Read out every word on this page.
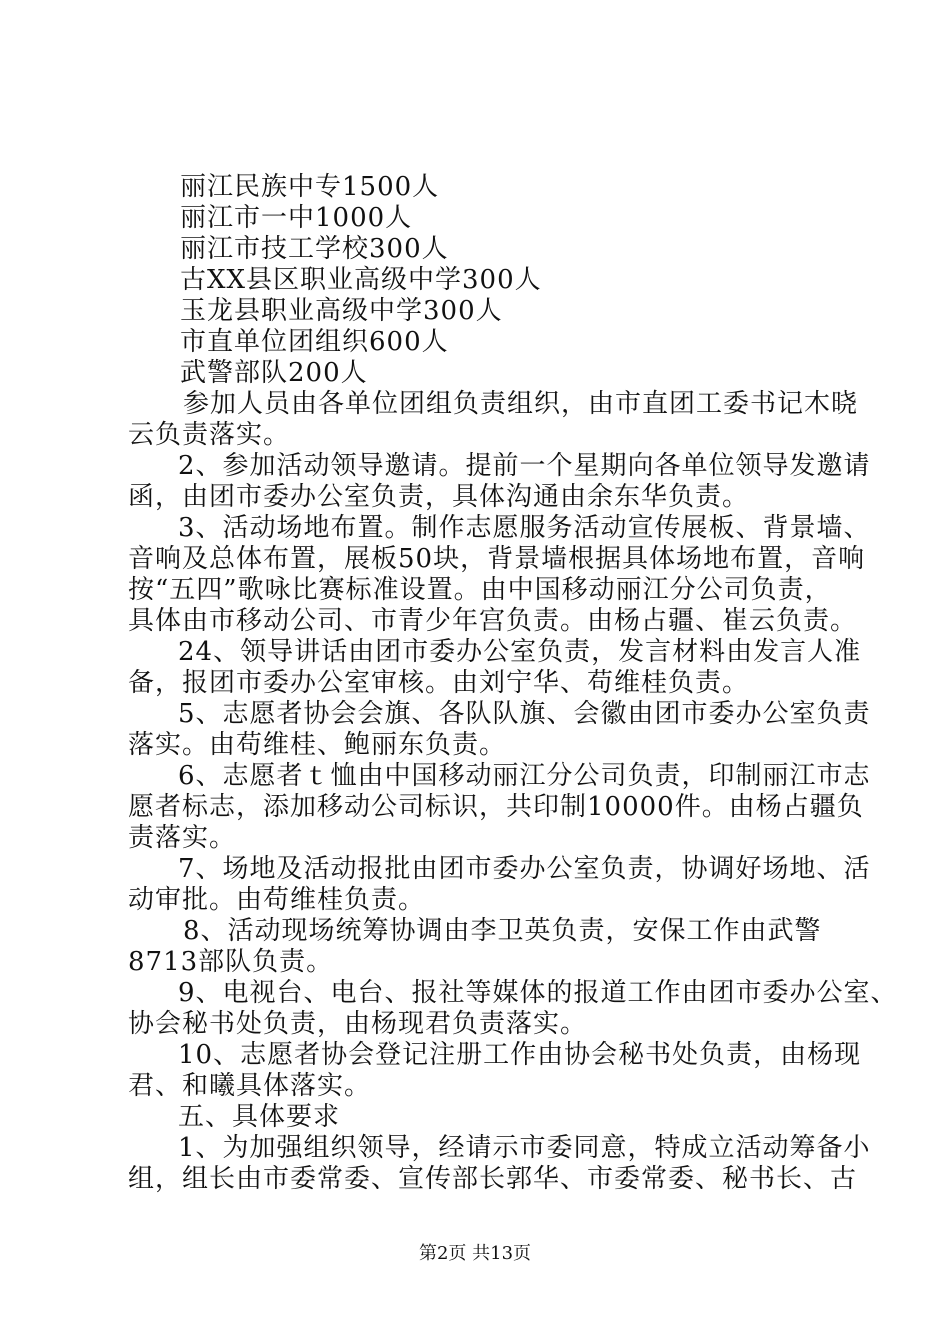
丽江民族中专1500人
丽江市一中1000人
丽江市技工学校300人
古XX县区职业高级中学300人
玉龙县职业高级中学300人
市直单位团组织600人
武警部队200人
参加人员由各单位团组负责组织，由市直团工委书记木晓
云负责落实。
2、参加活动领导邀请。提前一个星期向各单位领导发邀请
函，由团市委办公室负责，具体沟通由余东华负责。
3、活动场地布置。制作志愿服务活动宣传展板、背景墙、
音响及总体布置，展板50块，背景墙根据具体场地布置，音响
按“五四”歌咏比赛标准设置。由中国移动丽江分公司负责，
具体由市移动公司、市青少年宫负责。由杨占疆、崔云负责。
24、领导讲话由团市委办公室负责，发言材料由发言人准
备，报团市委办公室审核。由刘宁华、苟维桂负责。
5、志愿者协会会旗、各队队旗、会徽由团市委办公室负责
落实。由苟维桂、鲍丽东负责。
6、志愿者ｔ恤由中国移动丽江分公司负责，印制丽江市志
愿者标志，添加移动公司标识，共印制10000件。由杨占疆负
责落实。
7、场地及活动报批由团市委办公室负责，协调好场地、活
动审批。由苟维桂负责。
8、活动现场统筹协调由李卫英负责，安保工作由武警
8713部队负责。
9、电视台、电台、报社等媒体的报道工作由团市委办公室、
协会秘书处负责，由杨现君负责落实。
10、志愿者协会登记注册工作由协会秘书处负责，由杨现
君、和曦具体落实。
五、具体要求
1、为加强组织领导，经请示市委同意，特成立活动筹备小
组，组长由市委常委、宣传部长郭华、市委常委、秘书长、古
第2页 共13页
